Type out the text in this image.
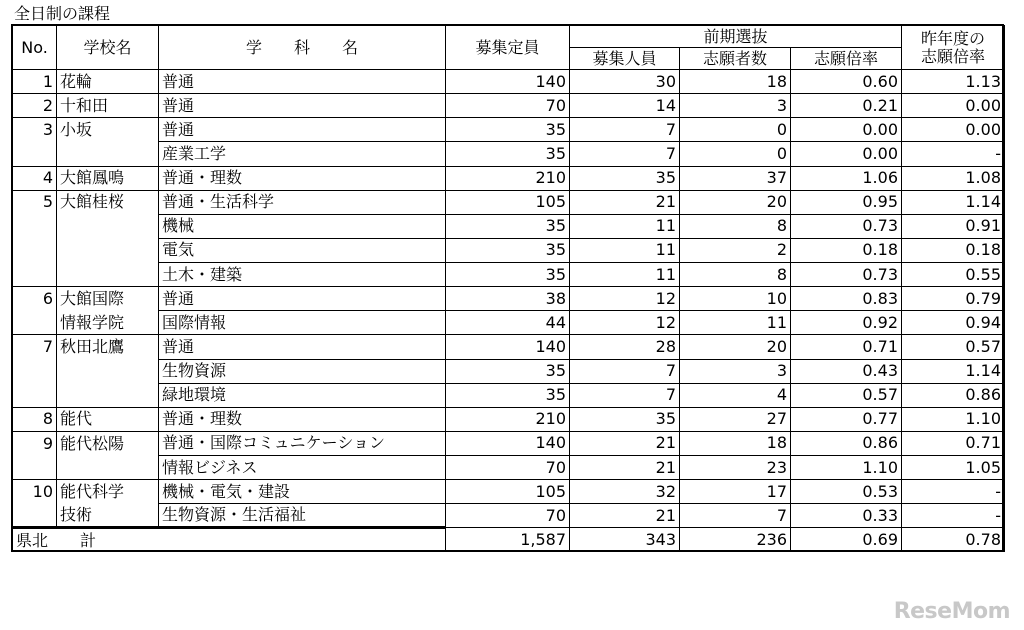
全日制の課程
No.	学校名	学　　科　　名	募集定員	前期選抜			昨年度の
志願倍率

				募集人員	志願者数	志願倍率	
1	花輪	普通	140	30	18	0.60	1.13
2	十和田	普通	70	14	3	0.21	0.00
3	小坂	普通	35	7	0	0.00	0.00
		産業工学	35	7	0	0.00	-
4	大館鳳鳴	普通・理数	210	35	37	1.06	1.08
5	大館桂桜	普通・生活科学	105	21	20	0.95	1.14
		機械	35	11	8	0.73	0.91
		電気	35	11	2	0.18	0.18
		土木・建築	35	11	8	0.73	0.55
6	大館国際	普通	38	12	10	0.83	0.79
	情報学院	国際情報	44	12	11	0.92	0.94
7	秋田北鷹	普通	140	28	20	0.71	0.57
		生物資源	35	7	3	0.43	1.14
		緑地環境	35	7	4	0.57	0.86
8	能代	普通・理数	210	35	27	0.77	1.10
9	能代松陽	普通・国際コミュニケーション	140	21	18	0.86	0.71
		情報ビジネス	70	21	23	1.10	1.05
10	能代科学	機械・電気・建設	105	32	17	0.53	-
	技術	生物資源・生活福祉	70	21	7	0.33	-
県北　　計			1,587	343	236	0.69	0.78
ReseMom
